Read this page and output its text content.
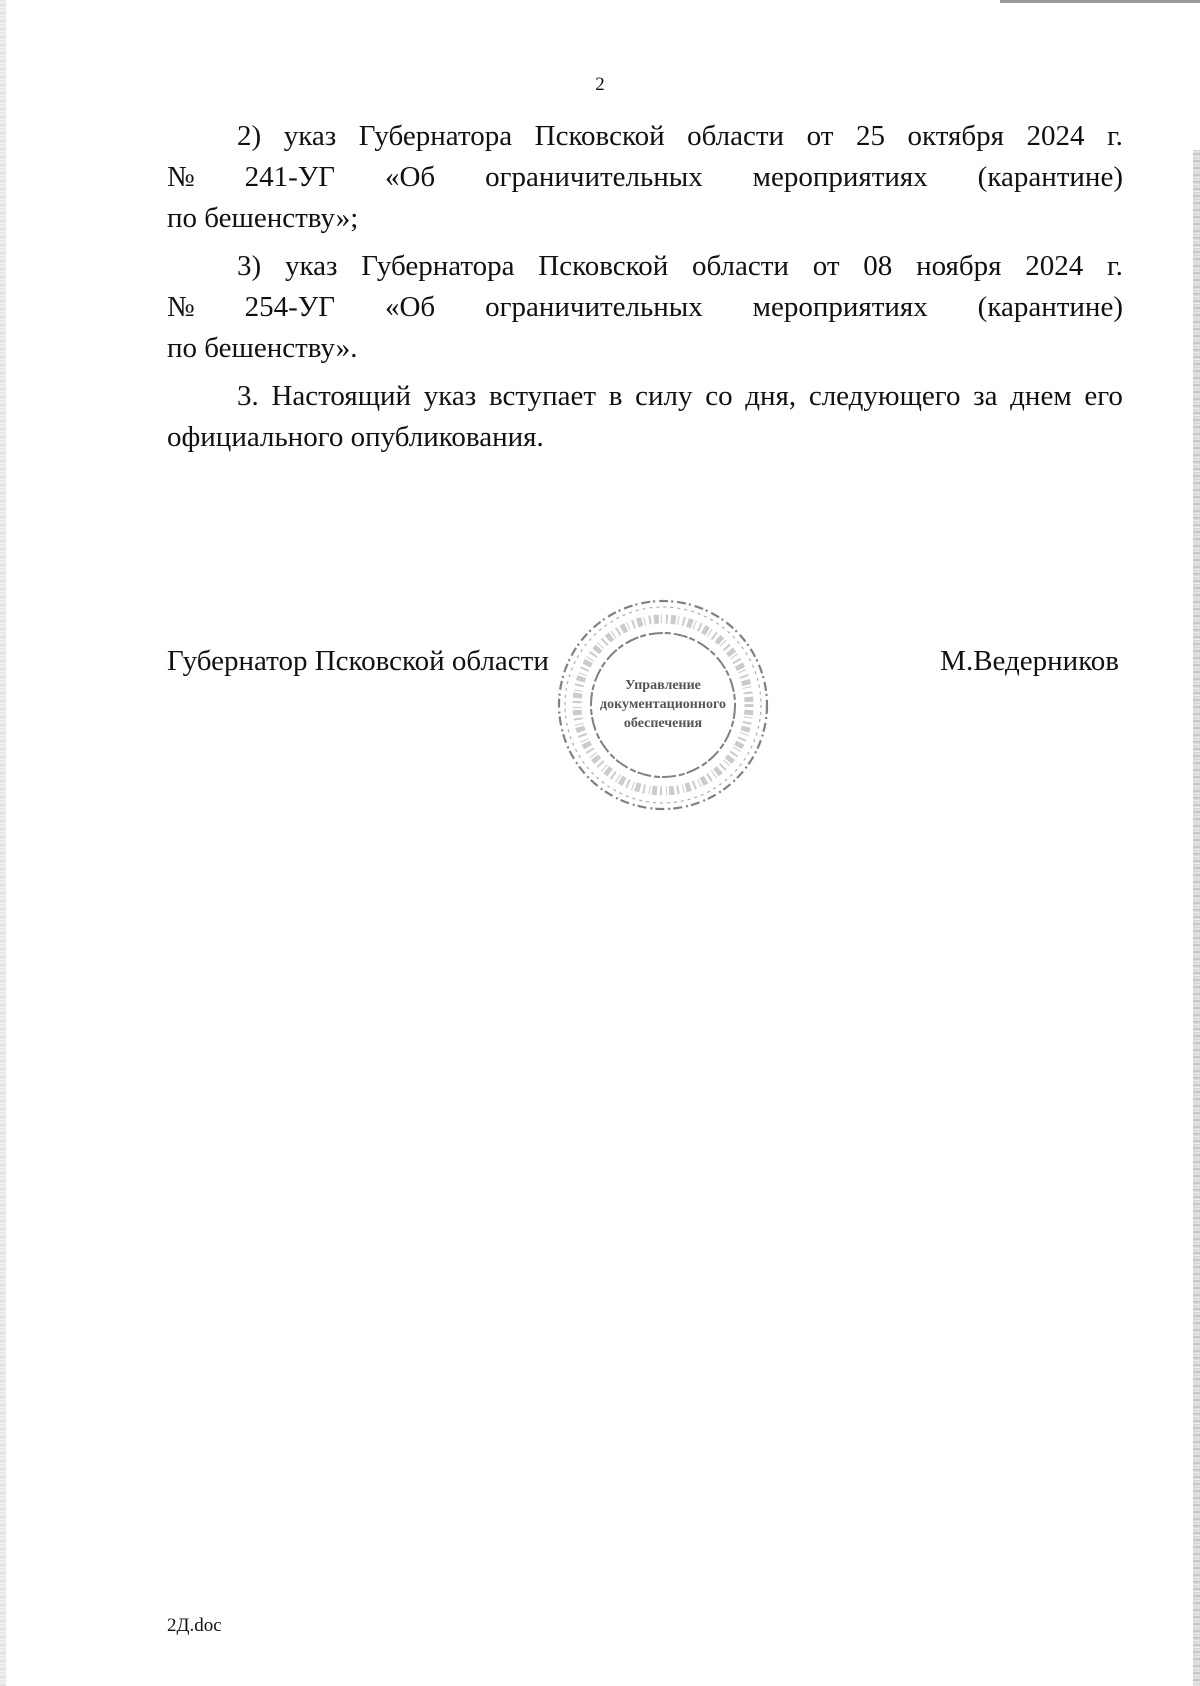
2
2) указ Губернатора Псковской области от 25 октября 2024 г.
№ 241-УГ «Об ограничительных мероприятиях (карантине)
по бешенству»;
3) указ Губернатора Псковской области от 08 ноября 2024 г.
№ 254-УГ «Об ограничительных мероприятиях (карантине)
по бешенству».
3. Настоящий указ вступает в силу со дня, следующего за днем его
официального опубликования.
Управление
документационного
обеспечения
Губернатор Псковской области	М.Ведерников
2Д.doc
